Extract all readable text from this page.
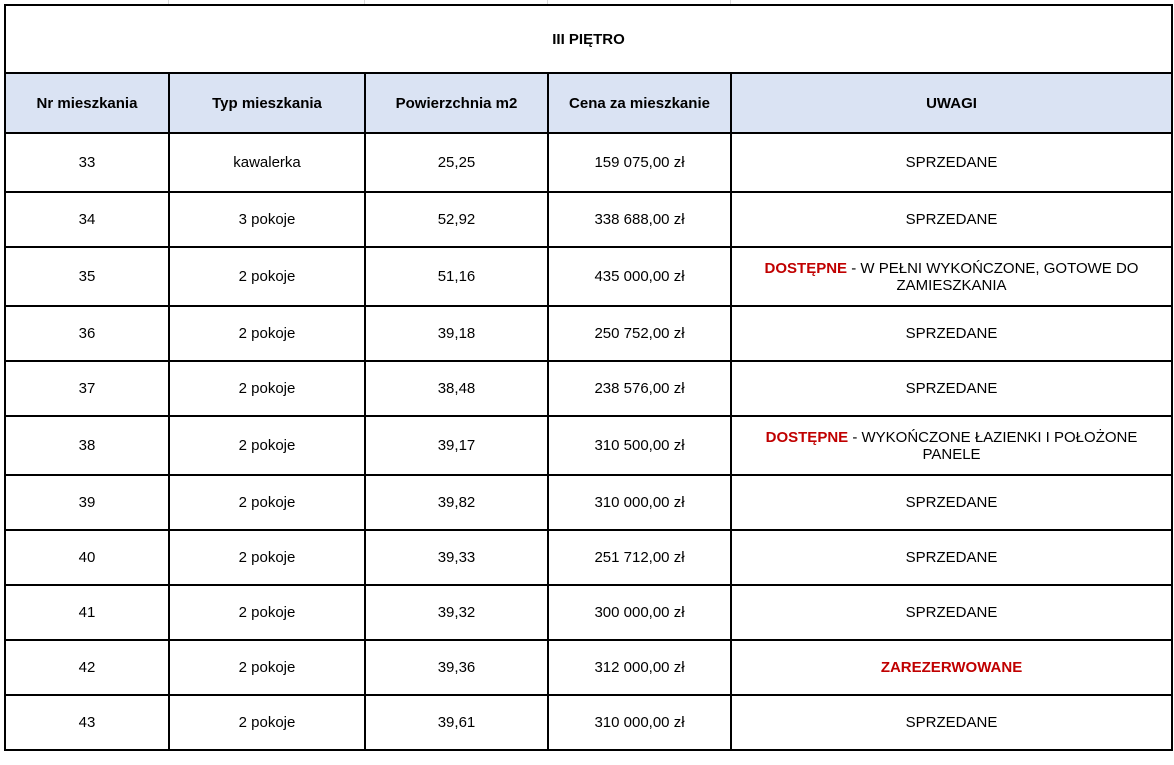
III PIĘTRO				
Nr mieszkania	Typ mieszkania	Powierzchnia m2	Cena za mieszkanie	UWAGI
33	kawalerka	25,25	159 075,00 zł	SPRZEDANE
34	3 pokoje	52,92	338 688,00 zł	SPRZEDANE
35	2 pokoje	51,16	435 000,00 zł	DOSTĘPNE - W PEŁNI WYKOŃCZONE, GOTOWE DO ZAMIESZKANIA
36	2 pokoje	39,18	250 752,00 zł	SPRZEDANE
37	2 pokoje	38,48	238 576,00 zł	SPRZEDANE
38	2 pokoje	39,17	310 500,00 zł	DOSTĘPNE - WYKOŃCZONE ŁAZIENKI I POŁOŻONE PANELE
39	2 pokoje	39,82	310 000,00 zł	SPRZEDANE
40	2 pokoje	39,33	251 712,00 zł	SPRZEDANE
41	2 pokoje	39,32	300 000,00 zł	SPRZEDANE
42	2 pokoje	39,36	312 000,00 zł	ZAREZERWOWANE
43	2 pokoje	39,61	310 000,00 zł	SPRZEDANE
